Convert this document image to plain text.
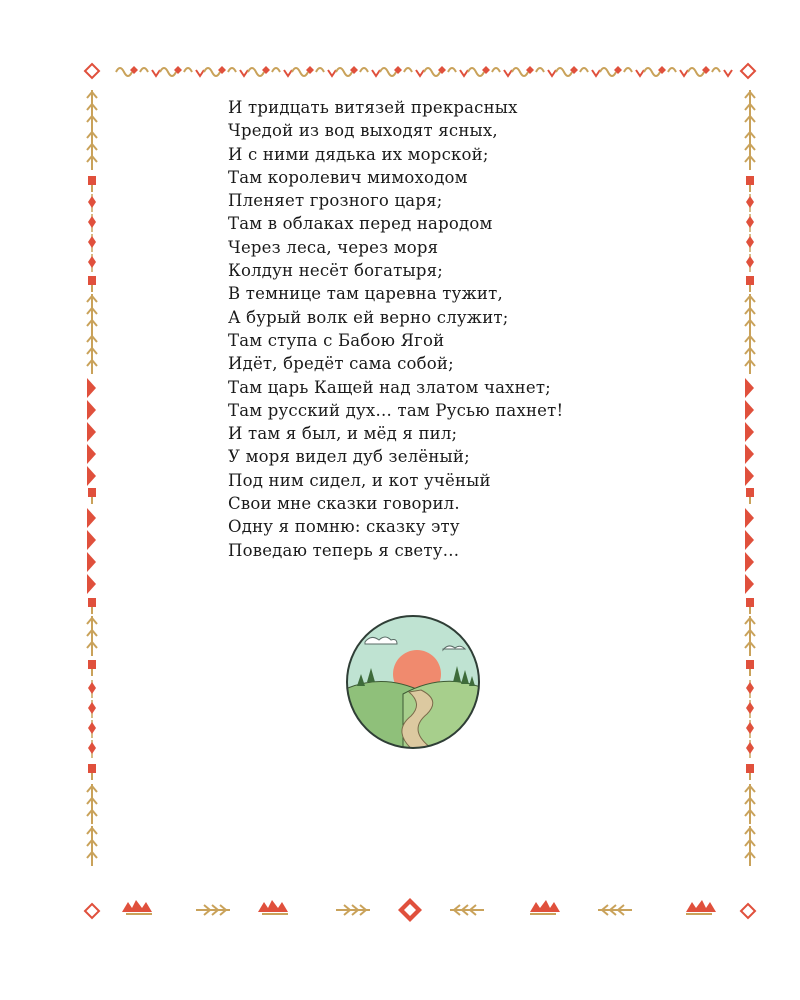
И тридцать витязей прекрасных
Чредой из вод выходят ясных,
И с ними дядька их морской;
Там королевич мимоходом
Пленяет грозного царя;
Там в облаках перед народом
Через леса, через моря
Колдун несёт богатыря;
В темнице там царевна тужит,
А бурый волк ей верно служит;
Там ступа с Бабою Ягой
Идёт, бредёт сама собой;
Там царь Кащей над златом чахнет;
Там русский дух… там Русью пахнет!
И там я был, и мёд я пил;
У моря видел дуб зелёный;
Под ним сидел, и кот учёный
Свои мне сказки говорил.
Одну я помню: сказку эту
Поведаю теперь я свету…
